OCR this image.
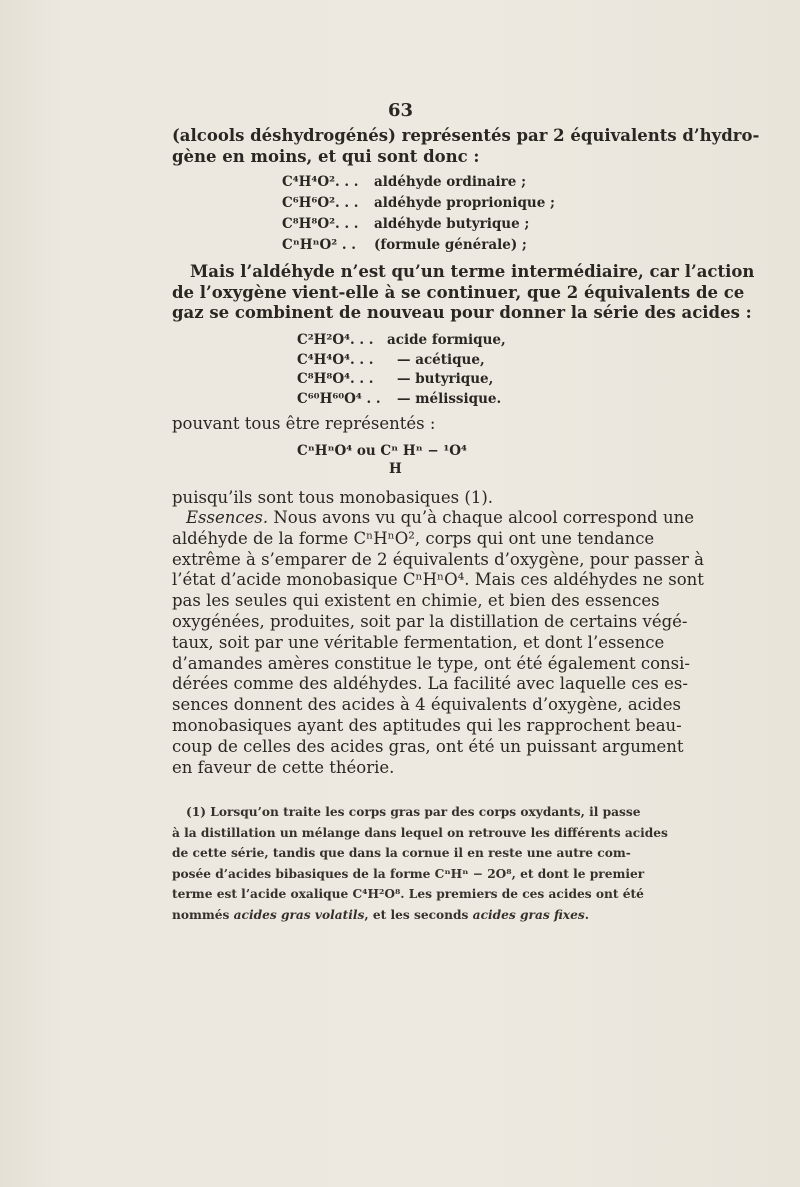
63
(alcools déshydrogénés) représentés par 2 équivalents d’hydro-
gène en moins, et qui sont donc :
C⁴H⁴O². . .	aldéhyde ordinaire ;
C⁶H⁶O². . .	aldéhyde proprionique ;
C⁸H⁸O². . .	aldéhyde butyrique ;
CⁿHⁿO² . .	(formule générale) ;
Mais l’aldéhyde n’est qu’un terme intermédiaire, car l’action
de l’oxygène vient-elle à se continuer, que 2 équivalents de ce
gaz se combinent de nouveau pour donner la série des acides :
C²H²O⁴. . .	acide formique,
C⁴H⁴O⁴. . .	— acétique,
C⁸H⁸O⁴. . .	— butyrique,
C⁶⁰H⁶⁰O⁴ . .	— mélissique.
pouvant tous être représentés :
CⁿHⁿO⁴ ou Cⁿ Hⁿ − ¹O⁴
H
puisqu’ils sont tous monobasiques (1).
Essences. Nous avons vu qu’à chaque alcool correspond une
aldéhyde de la forme CⁿHⁿO², corps qui ont une tendance
extrême à s’emparer de 2 équivalents d’oxygène, pour passer à
l’état d’acide monobasique CⁿHⁿO⁴. Mais ces aldéhydes ne sont
pas les seules qui existent en chimie, et bien des essences
oxygénées, produites, soit par la distillation de certains végé-
taux, soit par une véritable fermentation, et dont l’essence
d’amandes amères constitue le type, ont été également consi-
dérées comme des aldéhydes. La facilité avec laquelle ces es-
sences donnent des acides à 4 équivalents d’oxygène, acides
monobasiques ayant des aptitudes qui les rapprochent beau-
coup de celles des acides gras, ont été un puissant argument
en faveur de cette théorie.
(1) Lorsqu’on traite les corps gras par des corps oxydants, il passe
à la distillation un mélange dans lequel on retrouve les différents acides
de cette série, tandis que dans la cornue il en reste une autre com-
posée d’acides bibasiques de la forme CⁿHⁿ − 2O⁸, et dont le premier
terme est l’acide oxalique C⁴H²O⁸. Les premiers de ces acides ont été
nommés acides gras volatils, et les seconds acides gras fixes.
